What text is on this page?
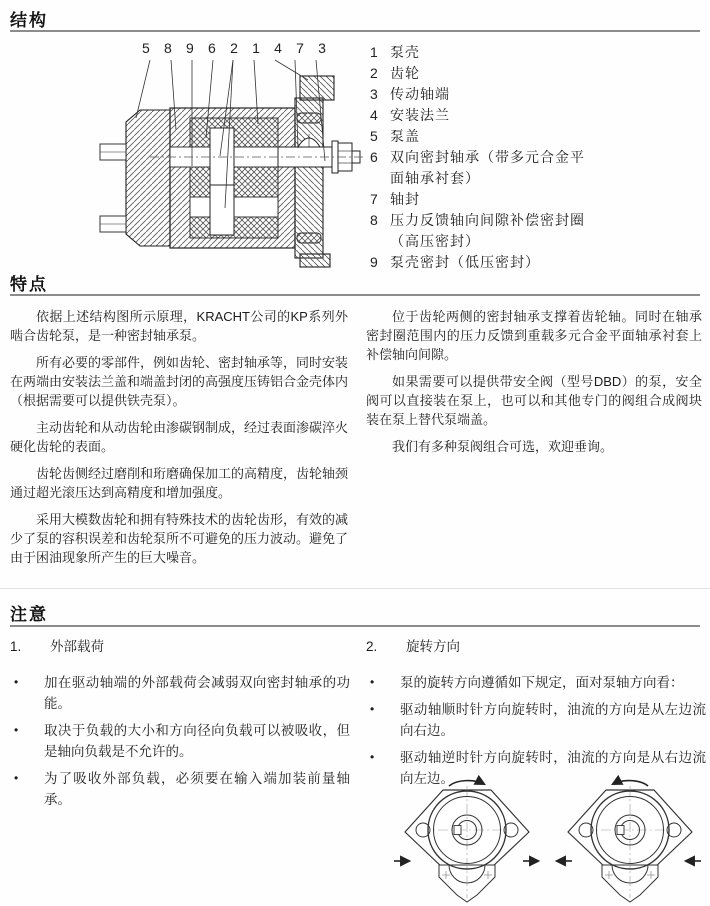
结构
5 8 9 6 2 1 4 7 3	1 泵壳
2 齿轮
3 传动轴端
4 安装法兰
5 泵盖
6 双向密封轴承（带多元合金平面轴承衬套）
7 轴封
8 压力反馈轴向间隙补偿密封圈（高压密封）
9 泵壳密封（低压密封）
特点

依据上述结构图所示原理，KRACHT公司的KP系列外啮合齿轮泵，是一种密封轴承泵。

所有必要的零部件，例如齿轮、密封轴承等，同时安装在两端由安装法兰盖和端盖封闭的高强度压铸铝合金壳体内（根据需要可以提供铁壳泵）。

主动齿轮和从动齿轮由渗碳钢制成，经过表面渗碳淬火硬化齿轮的表面。

齿轮齿侧经过磨削和珩磨确保加工的高精度，齿轮轴颈通过超光滚压达到高精度和增加强度。

采用大模数齿轮和拥有特殊技术的齿轮齿形，有效的减少了泵的容积误差和齿轮泵所不可避免的压力波动。避免了由于困油现象所产生的巨大噪音。

位于齿轮两侧的密封轴承支撑着齿轮轴。同时在轴承密封圈范围内的压力反馈到重载多元合金平面轴承衬套上补偿轴向间隙。

如果需要可以提供带安全阀（型号DBD）的泵，安全阀可以直接装在泵上，也可以和其他专门的阀组合成阀块装在泵上替代泵端盖。

我们有多种泵阀组合可选，欢迎垂询。

注意
1.	外部载荷
•	加在驱动轴端的外部载荷会减弱双向密封轴承的功能。
•	取决于负载的大小和方向径向负载可以被吸收，但是轴向负载是不允许的。
•	为了吸收外部负载，必须要在输入端加装前量轴承。
2.	旋转方向
•	泵的旋转方向遵循如下规定，面对泵轴方向看：
•	驱动轴顺时针方向旋转时，油流的方向是从左边流向右边。
•	驱动轴逆时针方向旋转时，油流的方向是从右边流向左边。
